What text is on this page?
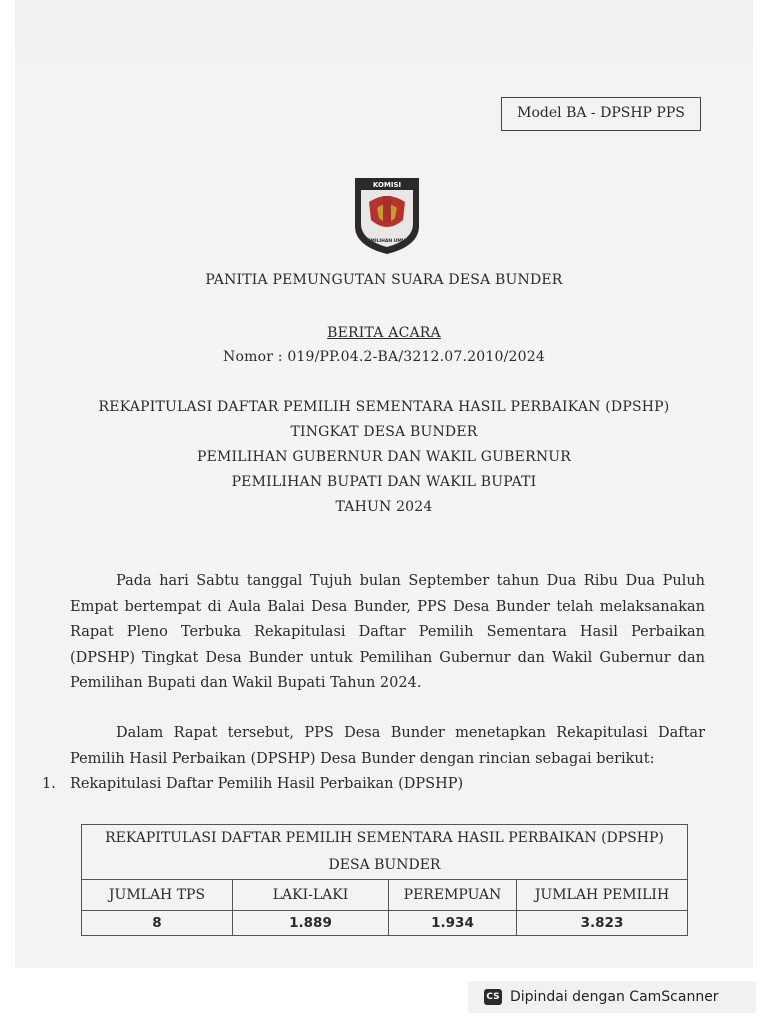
Model BA - DPSHP PPS
KOMISI
PEMILIHAN UMUM
PANITIA PEMUNGUTAN SUARA DESA BUNDER
BERITA ACARA
Nomor : 019/PP.04.2-BA/3212.07.2010/2024
REKAPITULASI DAFTAR PEMILIH SEMENTARA HASIL PERBAIKAN (DPSHP)
TINGKAT DESA BUNDER
PEMILIHAN GUBERNUR DAN WAKIL GUBERNUR
PEMILIHAN BUPATI DAN WAKIL BUPATI
TAHUN 2024
Pada hari Sabtu tanggal Tujuh bulan September tahun Dua Ribu Dua Puluh Empat bertempat di Aula Balai Desa Bunder, PPS Desa Bunder telah melaksanakan Rapat Pleno Terbuka Rekapitulasi Daftar Pemilih Sementara Hasil Perbaikan (DPSHP) Tingkat Desa Bunder untuk Pemilihan Gubernur dan Wakil Gubernur dan Pemilihan Bupati dan Wakil Bupati Tahun 2024.
Dalam Rapat tersebut, PPS Desa Bunder menetapkan Rekapitulasi Daftar Pemilih Hasil Perbaikan (DPSHP) Desa Bunder dengan rincian sebagai berikut:
1. Rekapitulasi Daftar Pemilih Hasil Perbaikan (DPSHP)
REKAPITULASI DAFTAR PEMILIH SEMENTARA HASIL PERBAIKAN (DPSHP)			
DESA BUNDER			
JUMLAH TPS	LAKI-LAKI	PEREMPUAN	JUMLAH PEMILIH
8	1.889	1.934	3.823
CS Dipindai dengan CamScanner
